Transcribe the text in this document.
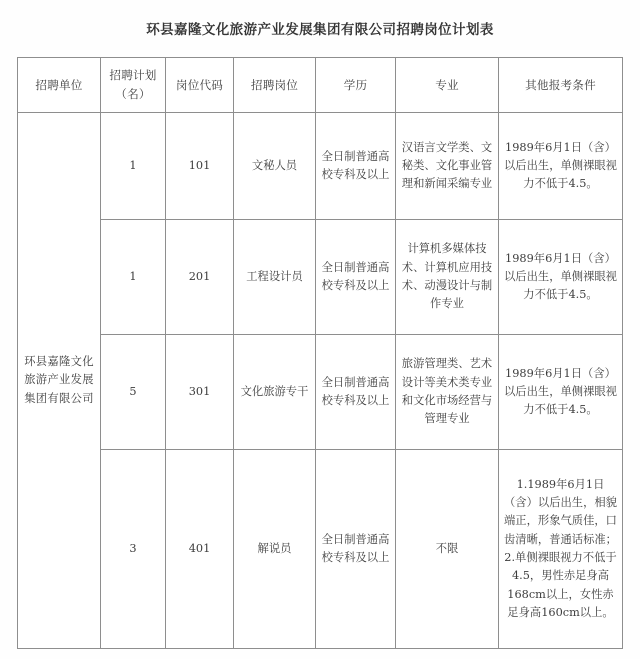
环县嘉隆文化旅游产业发展集团有限公司招聘岗位计划表
招聘单位	招聘计划（名）	岗位代码	招聘岗位	学历	专业	其他报考条件
环县嘉隆文化旅游产业发展集团有限公司	1	101	文秘人员	全日制普通高校专科及以上	汉语言文学类、文秘类、文化事业管理和新闻采编专业	1989年6月1日（含）以后出生，单侧裸眼视力不低于4.5。
	1	201	工程设计员	全日制普通高校专科及以上	计算机多媒体技术、计算机应用技术、动漫设计与制作专业	1989年6月1日（含）以后出生，单侧裸眼视力不低于4.5。
	5	301	文化旅游专干	全日制普通高校专科及以上	旅游管理类、艺术设计等美术类专业和文化市场经营与管理专业	1989年6月1日（含）以后出生，单侧裸眼视力不低于4.5。
	3	401	解说员	全日制普通高校专科及以上	不限	1.1989年6月1日（含）以后出生，相貌端正，形象气质佳，口齿清晰，普通话标准；2.单侧裸眼视力不低于4.5，男性赤足身高168cm以上，女性赤足身高160cm以上。
